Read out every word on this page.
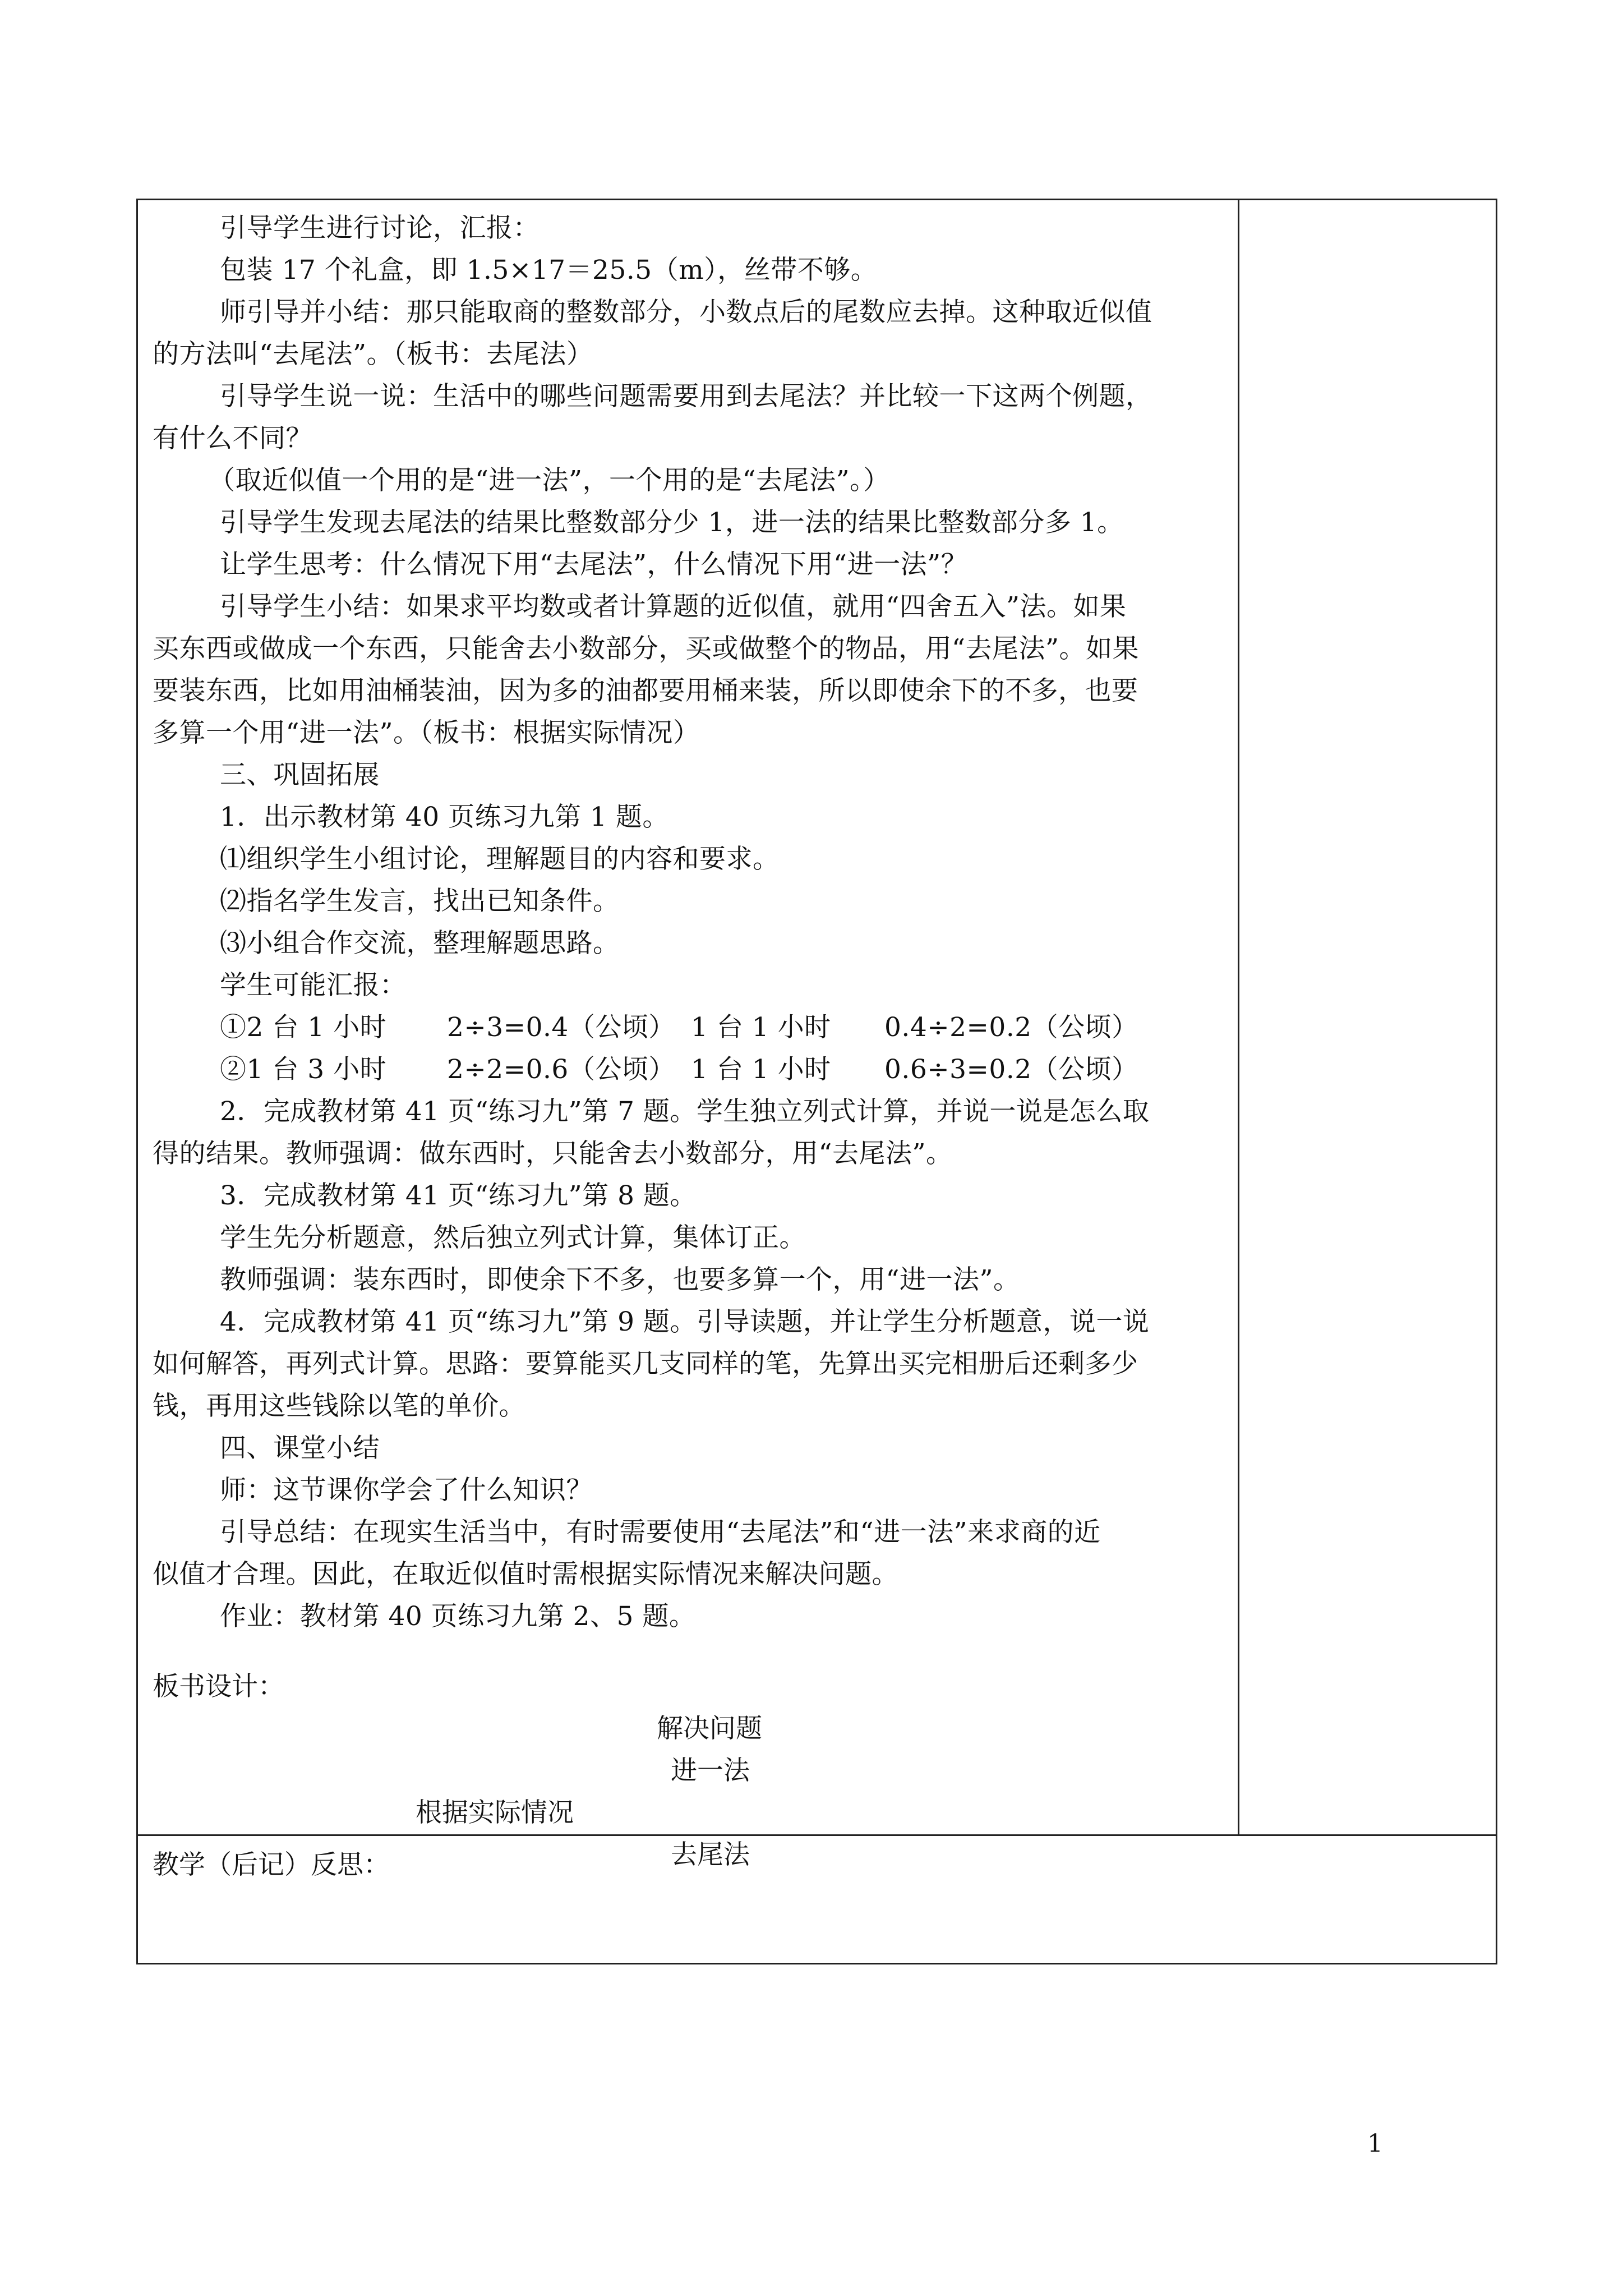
引导学生进行讨论，汇报：
包装 17 个礼盒，即 1.5×17＝25.5（m），丝带不够。
师引导并小结：那只能取商的整数部分，小数点后的尾数应去掉。这种取近似值
的方法叫“去尾法”。（板书：去尾法）
引导学生说一说：生活中的哪些问题需要用到去尾法？并比较一下这两个例题，
有什么不同？
（取近似值一个用的是“进一法”，一个用的是“去尾法”。）
引导学生发现去尾法的结果比整数部分少 1，进一法的结果比整数部分多 1。
让学生思考：什么情况下用“去尾法”，什么情况下用“进一法”？
引导学生小结：如果求平均数或者计算题的近似值，就用“四舍五入”法。如果
买东西或做成一个东西，只能舍去小数部分，买或做整个的物品，用“去尾法”。如果
要装东西，比如用油桶装油，因为多的油都要用桶来装，所以即使余下的不多，也要
多算一个用“进一法”。（板书：根据实际情况）
三、巩固拓展
1．出示教材第 40 页练习九第 1 题。
⑴组织学生小组讨论，理解题目的内容和要求。
⑵指名学生发言，找出已知条件。
⑶小组合作交流，整理解题思路。
学生可能汇报：
①2 台 1 小时 2÷3=0.4（公顷） 1 台 1 小时 0.4÷2=0.2（公顷）
②1 台 3 小时 2÷2=0.6（公顷） 1 台 1 小时 0.6÷3=0.2（公顷）
2．完成教材第 41 页“练习九”第 7 题。学生独立列式计算，并说一说是怎么取
得的结果。教师强调：做东西时，只能舍去小数部分，用“去尾法”。
3．完成教材第 41 页“练习九”第 8 题。
学生先分析题意，然后独立列式计算，集体订正。
教师强调：装东西时，即使余下不多，也要多算一个，用“进一法”。
4．完成教材第 41 页“练习九”第 9 题。引导读题，并让学生分析题意，说一说
如何解答，再列式计算。思路：要算能买几支同样的笔，先算出买完相册后还剩多少
钱，再用这些钱除以笔的单价。
四、课堂小结
师：这节课你学会了什么知识？
引导总结：在现实生活当中，有时需要使用“去尾法”和“进一法”来求商的近
似值才合理。因此，在取近似值时需根据实际情况来解决问题。
作业：教材第 40 页练习九第 2、5 题。
板书设计：
解决问题
进一法
根据实际情况
去尾法
教学（后记）反思：
1
